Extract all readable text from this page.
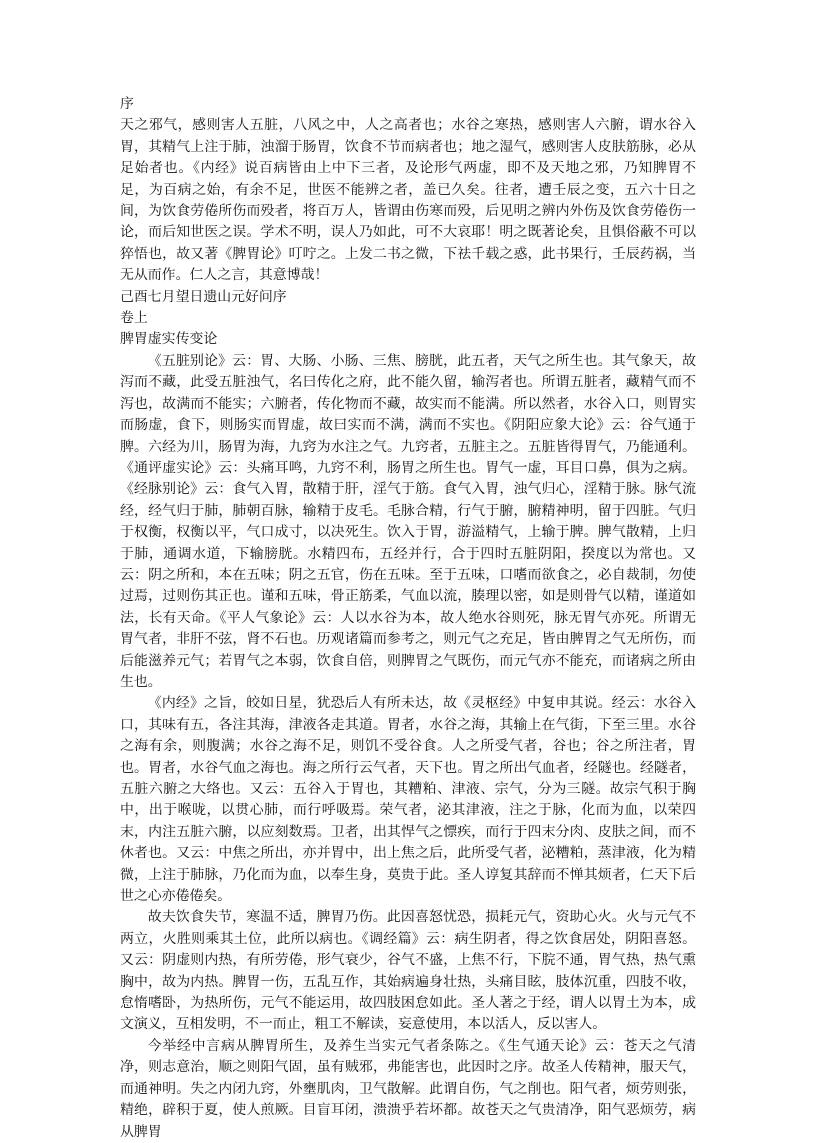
序

天之邪气，感则害人五脏，八风之中，人之高者也；水谷之寒热，感则害人六腑，谓水谷入胃，其精气上注于肺，浊溜于肠胃，饮食不节而病者也；地之湿气，感则害人皮肤筋脉，必从足始者也。《内经》说百病皆由上中下三者，及论形气两虚，即不及天地之邪，乃知脾胃不足，为百病之始，有余不足，世医不能辨之者，盖已久矣。往者，遭壬辰之变，五六十日之间，为饮食劳倦所伤而殁者，将百万人，皆谓由伤寒而殁，后见明之辨内外伤及饮食劳倦伤一论，而后知世医之误。学术不明，误人乃如此，可不大哀耶！明之既著论矣，且惧俗蔽不可以猝悟也，故又著《脾胃论》叮咛之。上发二书之微，下祛千载之惑，此书果行，壬辰药祸，当无从而作。仁人之言，其意博哉！

己酉七月望日遗山元好问序

卷上

脾胃虚实传变论

《五脏别论》云：胃、大肠、小肠、三焦、膀胱，此五者，天气之所生也。其气象天，故泻而不藏，此受五脏浊气，名曰传化之府，此不能久留，输泻者也。所谓五脏者，藏精气而不泻也，故满而不能实；六腑者，传化物而不藏，故实而不能满。所以然者，水谷入口，则胃实而肠虚，食下，则肠实而胃虚，故曰实而不满，满而不实也。《阴阳应象大论》云：谷气通于脾。六经为川，肠胃为海，九窍为水注之气。九窍者，五脏主之。五脏皆得胃气，乃能通利。《通评虚实论》云：头痛耳鸣，九窍不利，肠胃之所生也。胃气一虚，耳目口鼻，俱为之病。《经脉别论》云：食气入胃，散精于肝，淫气于筋。食气入胃，浊气归心，淫精于脉。脉气流经，经气归于肺，肺朝百脉，输精于皮毛。毛脉合精，行气于腑，腑精神明，留于四脏。气归于权衡，权衡以平，气口成寸，以决死生。饮入于胃，游溢精气，上输于脾。脾气散精，上归于肺，通调水道，下输膀胱。水精四布，五经并行，合于四时五脏阴阳，揆度以为常也。又云：阴之所和，本在五味；阴之五官，伤在五味。至于五味，口嗜而欲食之，必自裁制，勿使过焉，过则伤其正也。谨和五味，骨正筋柔，气血以流，腠理以密，如是则骨气以精，谨道如法，长有天命。《平人气象论》云：人以水谷为本，故人绝水谷则死，脉无胃气亦死。所谓无胃气者，非肝不弦，肾不石也。历观诸篇而参考之，则元气之充足，皆由脾胃之气无所伤，而后能滋养元气；若胃气之本弱，饮食自倍，则脾胃之气既伤，而元气亦不能充，而诸病之所由生也。

《内经》之旨，皎如日星，犹恐后人有所未达，故《灵枢经》中复申其说。经云：水谷入口，其味有五，各注其海，津液各走其道。胃者，水谷之海，其输上在气街，下至三里。水谷之海有余，则腹满；水谷之海不足，则饥不受谷食。人之所受气者，谷也；谷之所注者，胃也。胃者，水谷气血之海也。海之所行云气者，天下也。胃之所出气血者，经隧也。经隧者，五脏六腑之大络也。又云：五谷入于胃也，其糟粕、津液、宗气，分为三隧。故宗气积于胸中，出于喉咙，以贯心肺，而行呼吸焉。荣气者，泌其津液，注之于脉，化而为血，以荣四末，内注五脏六腑，以应刻数焉。卫者，出其悍气之慓疾，而行于四末分肉、皮肤之间，而不休者也。又云：中焦之所出，亦并胃中，出上焦之后，此所受气者，泌糟粕，蒸津液，化为精微，上注于肺脉，乃化而为血，以奉生身，莫贵于此。圣人谆复其辞而不惮其烦者，仁天下后世之心亦倦倦矣。

故夫饮食失节，寒温不适，脾胃乃伤。此因喜怒忧恐，损耗元气，资助心火。火与元气不两立，火胜则乘其土位，此所以病也。《调经篇》云：病生阴者，得之饮食居处，阴阳喜怒。又云：阴虚则内热，有所劳倦，形气衰少，谷气不盛，上焦不行，下脘不通，胃气热，热气熏胸中，故为内热。脾胃一伤，五乱互作，其始病遍身壮热，头痛目眩，肢体沉重，四肢不收，怠惰嗜卧，为热所伤，元气不能运用，故四肢困怠如此。圣人著之于经，谓人以胃土为本，成文演义，互相发明，不一而止，粗工不解读，妄意使用，本以活人，反以害人。

今举经中言病从脾胃所生，及养生当实元气者条陈之。《生气通天论》云：苍天之气清净，则志意治，顺之则阳气固，虽有贼邪，弗能害也，此因时之序。故圣人传精神，服天气，而通神明。失之内闭九窍，外壅肌肉，卫气散解。此谓自伤，气之削也。阳气者，烦劳则张，精绝，辟积于夏，使人煎厥。目盲耳闭，溃溃乎若坏都。故苍天之气贵清净，阳气恶烦劳，病从脾胃
